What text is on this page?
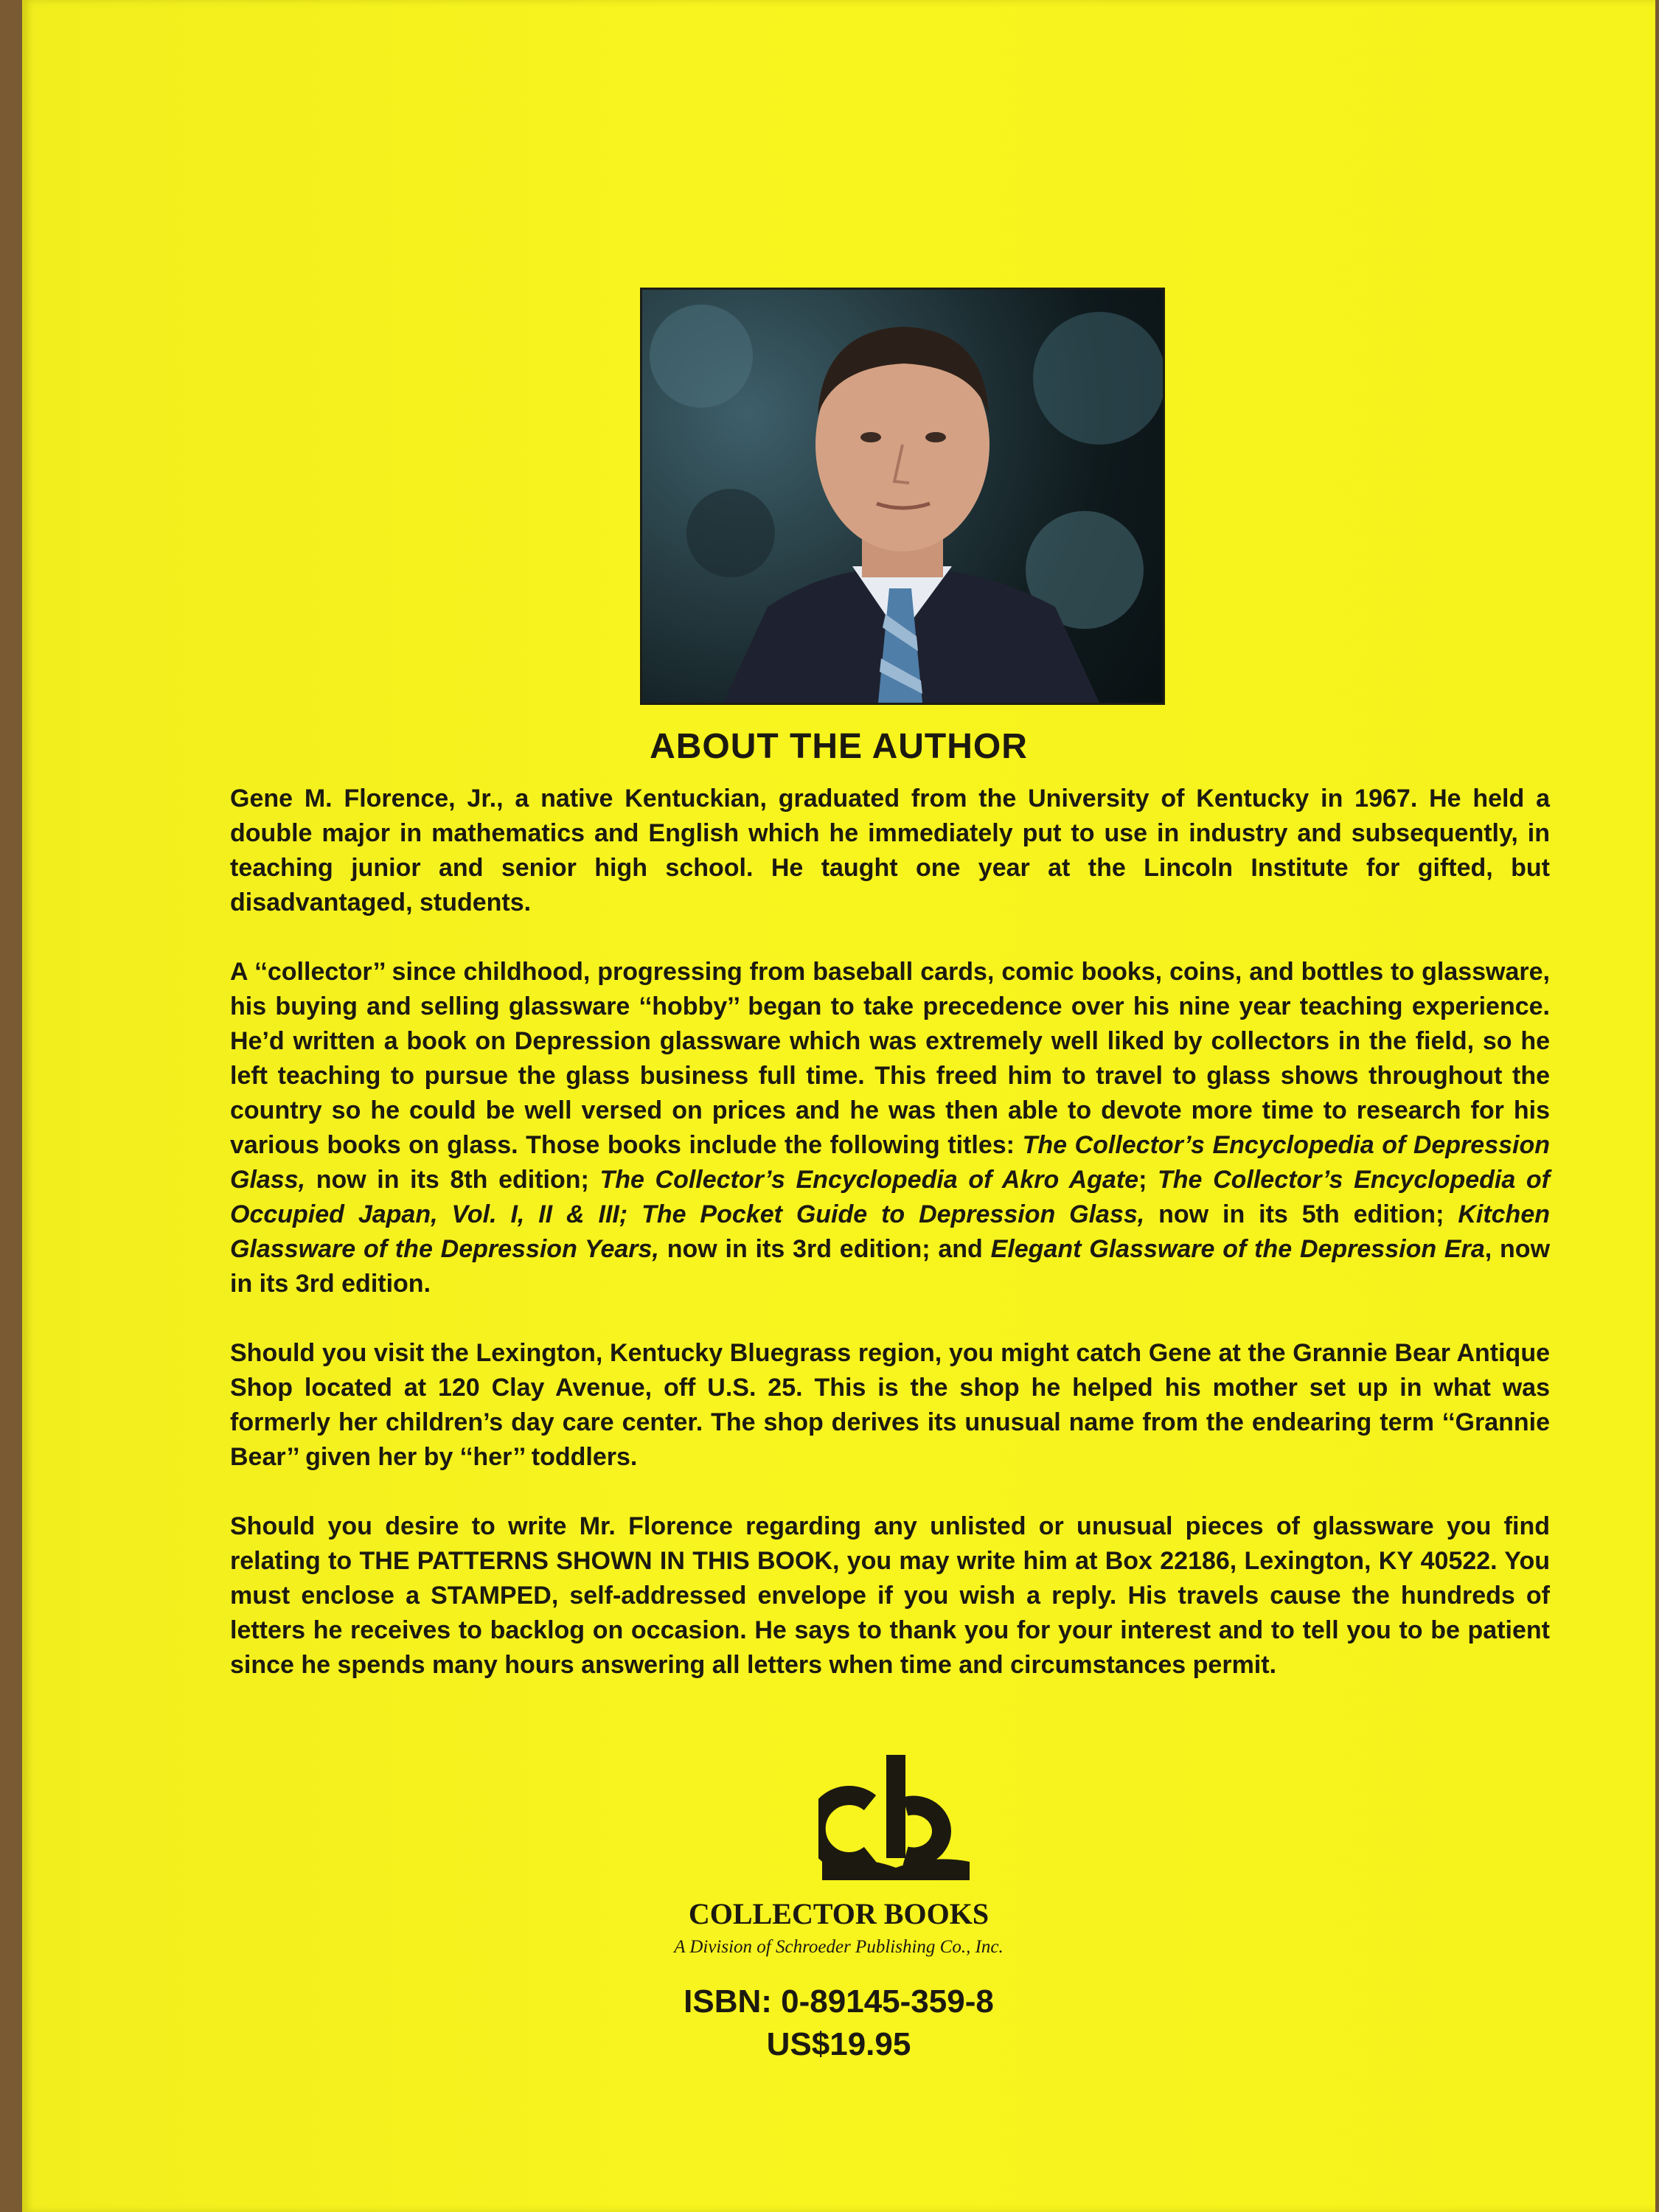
ABOUT THE AUTHOR

Gene M. Florence, Jr., a native Kentuckian, graduated from the University of Kentucky in 1967. He held a double major in mathematics and English which he immediately put to use in industry and subsequently, in teaching junior and senior high school. He taught one year at the Lincoln Institute for gifted, but disadvantaged, students.

A ‘‘collector’’ since childhood, progressing from baseball cards, comic books, coins, and bottles to glassware, his buying and selling glassware ‘‘hobby’’ began to take precedence over his nine year teaching experience. He’d written a book on Depression glassware which was extremely well liked by collectors in the field, so he left teaching to pursue the glass business full time. This freed him to travel to glass shows throughout the country so he could be well versed on prices and he was then able to devote more time to research for his various books on glass. Those books include the following titles: The Collector’s Encyclopedia of Depression Glass, now in its 8th edition; The Collector’s Encyclopedia of Akro Agate; The Collector’s Encyclopedia of Occupied Japan, Vol. I, II & III; The Pocket Guide to Depression Glass, now in its 5th edition; Kitchen Glassware of the Depression Years, now in its 3rd edition; and Elegant Glassware of the Depression Era, now in its 3rd edition.

Should you visit the Lexington, Kentucky Bluegrass region, you might catch Gene at the Grannie Bear Antique Shop located at 120 Clay Avenue, off U.S. 25. This is the shop he helped his mother set up in what was formerly her children’s day care center. The shop derives its unusual name from the endearing term ‘‘Grannie Bear’’ given her by ‘‘her’’ toddlers.

Should you desire to write Mr. Florence regarding any unlisted or unusual pieces of glassware you find relating to THE PATTERNS SHOWN IN THIS BOOK, you may write him at Box 22186, Lexington, KY 40522. You must enclose a STAMPED, self-addressed envelope if you wish a reply. His travels cause the hundreds of letters he receives to backlog on occasion. He says to thank you for your interest and to tell you to be patient since he spends many hours answering all letters when time and circumstances permit.

COLLECTOR BOOKS
A Division of Schroeder Publishing Co., Inc.
ISBN: 0-89145-359-8
US$19.95
